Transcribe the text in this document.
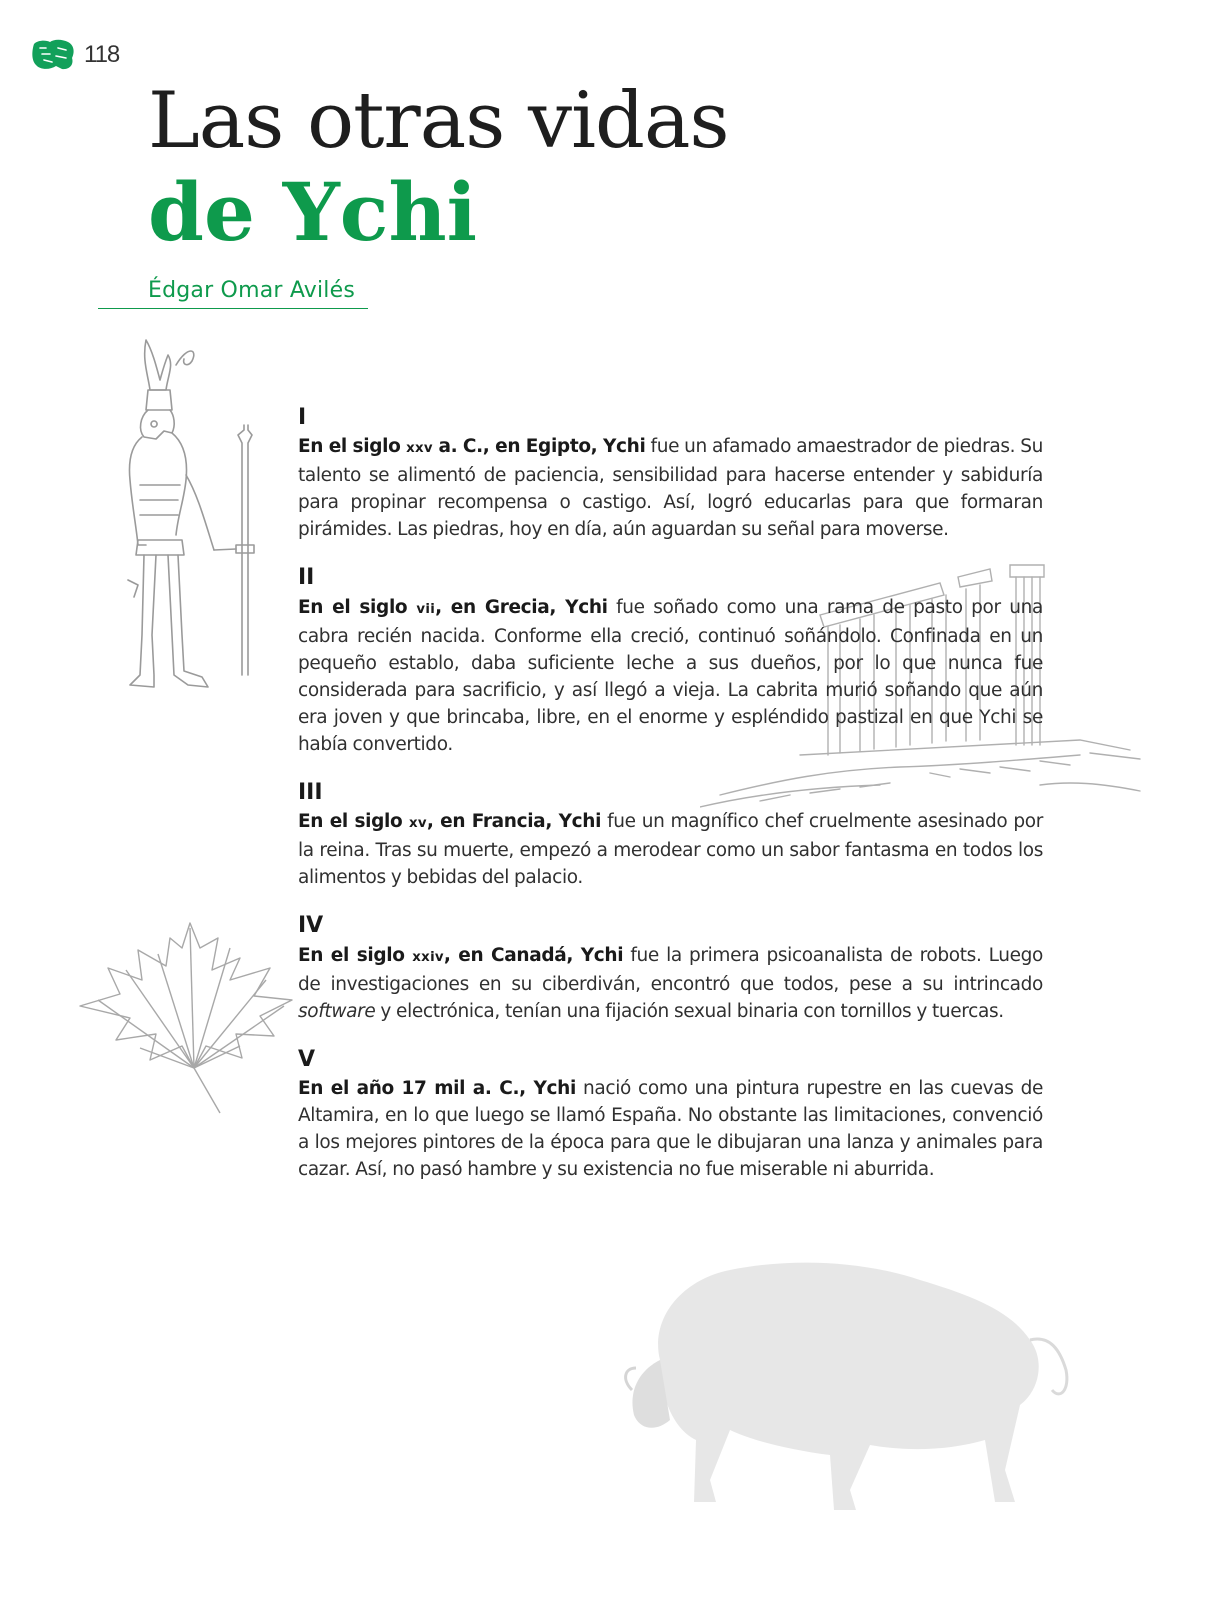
118
Las otras vidas
de Ychi
Édgar Omar Avilés
I

En el siglo xxv a. C., en Egipto, Ychi fue un afamado amaestrador de piedras. Su talento se alimentó de paciencia, sensibilidad para hacerse entender y sabiduría para propinar recompensa o castigo. Así, logró educarlas para que formaran pirámides. Las piedras, hoy en día, aún aguardan su señal para moverse.

II

En el siglo vii, en Grecia, Ychi fue soñado como una rama de pasto por una cabra recién nacida. Conforme ella creció, continuó soñándolo. Confinada en un pequeño establo, daba suficiente leche a sus dueños, por lo que nunca fue considerada para sacrificio, y así llegó a vieja. La cabrita murió soñando que aún era joven y que brincaba, libre, en el enorme y espléndido pastizal en que Ychi se había convertido.

III

En el siglo xv, en Francia, Ychi fue un magnífico chef cruelmente asesinado por la reina. Tras su muerte, empezó a merodear como un sabor fantasma en todos los alimentos y bebidas del palacio.

IV

En el siglo xxiv, en Canadá, Ychi fue la primera psicoanalista de robots. Luego de investigaciones en su ciberdiván, encontró que todos, pese a su intrincado software y electrónica, tenían una fijación sexual binaria con tornillos y tuercas.

V

En el año 17 mil a. C., Ychi nació como una pintura rupestre en las cuevas de Altamira, en lo que luego se llamó España. No obstante las limitaciones, convenció a los mejores pintores de la época para que le dibujaran una lanza y animales para cazar. Así, no pasó hambre y su existencia no fue miserable ni aburrida.
